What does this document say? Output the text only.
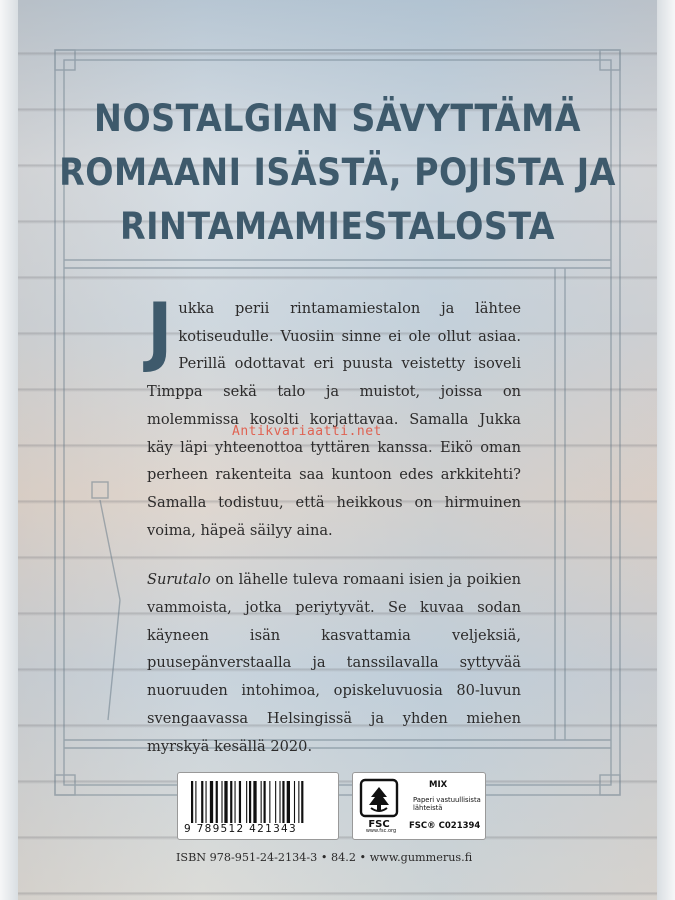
NOSTALGIAN SÄVYTTÄMÄ
ROMAANI ISÄSTÄ, POJISTA JA
RINTAMAMIESTALOSTA

Jukka perii rintamamiestalon ja lähtee kotiseudulle. Vuosiin sinne ei ole ollut asiaa. Perillä odottavat eri puusta veistetty isoveli Timppa sekä talo ja muistot, joissa on molemmissa kosolti korjattavaa. Samalla Jukka käy läpi yhteenottoa tyttären kanssa. Eikö oman perheen rakenteita saa kuntoon edes arkkitehti? Samalla todistuu, että heikkous on hirmuinen voima, häpeä säilyy aina.

Surutalo on lähelle tuleva romaani isien ja poikien vammoista, jotka periytyvät. Se kuvaa sodan käyneen isän kasvattamia veljeksiä, puusepänverstaalla ja tanssilavalla syttyvää nuoruuden intohimoa, opiskeluvuosia 80-luvun svengaavassa Helsingissä ja yhden miehen myrskyä kesällä 2020.

Antikvariaatti.net
9 789512 421343	FSC
www.fsc.org
MIX
Paperi vastuullisista lähteistä
FSC® C021394
ISBN 978-951-24-2134-3 • 84.2 • www.gummerus.fi
